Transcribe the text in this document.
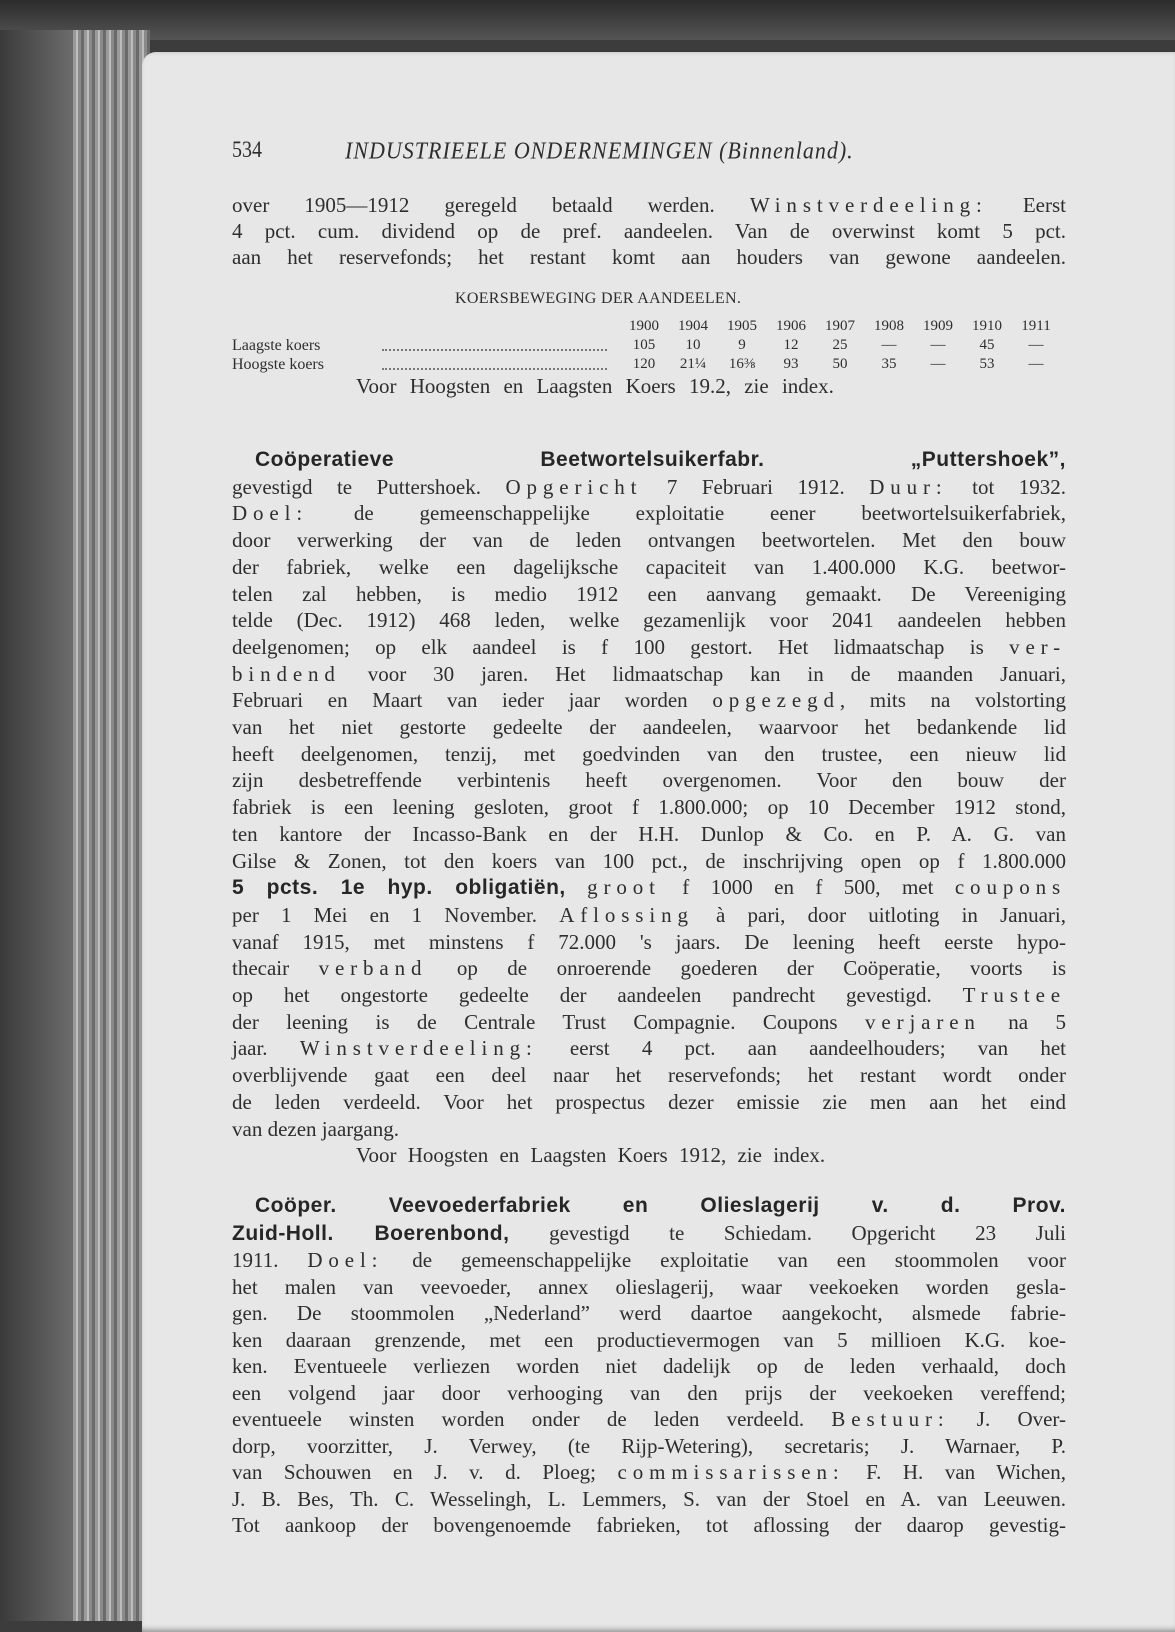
534	INDUSTRIEELE ONDERNEMINGEN (Binnenland).
over 1905—1912 geregeld betaald werden. Winstverdeeling: Eerst
4 pct. cum. dividend op de pref. aandeelen. Van de overwinst komt 5 pct.
aan het reservefonds; het restant komt aan houders van gewone aandeelen.
KOERSBEWEGING DER AANDEELEN.
1900	1904	1905	1906	1907	1908	1909	1910	1911
Laagste koers	105	10	9	12	25	—	—	45	—
Hoogste koers	120	21¼	16⅜	93	50	35	—	53	—
Voor Hoogsten en Laagsten Koers 19.2, zie index.
Coöperatieve Beetwortelsuikerfabr. „Puttershoek”,
gevestigd te Puttershoek. Opgericht 7 Februari 1912. Duur: tot 1932.
Doel: de gemeenschappelijke exploitatie eener beetwortelsuikerfabriek,
door verwerking der van de leden ontvangen beetwortelen. Met den bouw
der fabriek, welke een dagelijksche capaciteit van 1.400.000 K.G. beetwor-
telen zal hebben, is medio 1912 een aanvang gemaakt. De Vereeniging
telde (Dec. 1912) 468 leden, welke gezamenlijk voor 2041 aandeelen hebben
deelgenomen; op elk aandeel is f 100 gestort. Het lidmaatschap is ver-
bindend voor 30 jaren. Het lidmaatschap kan in de maanden Januari,
Februari en Maart van ieder jaar worden opgezegd, mits na volstorting
van het niet gestorte gedeelte der aandeelen, waarvoor het bedankende lid
heeft deelgenomen, tenzij, met goedvinden van den trustee, een nieuw lid
zijn desbetreffende verbintenis heeft overgenomen. Voor den bouw der
fabriek is een leening gesloten, groot f 1.800.000; op 10 December 1912 stond,
ten kantore der Incasso-Bank en der H.H. Dunlop & Co. en P. A. G. van
Gilse & Zonen, tot den koers van 100 pct., de inschrijving open op f 1.800.000
5 pcts. 1e hyp. obligatiën, groot f 1000 en f 500, met coupons
per 1 Mei en 1 November. Aflossing à pari, door uitloting in Januari,
vanaf 1915, met minstens f 72.000 's jaars. De leening heeft eerste hypo-
thecair verband op de onroerende goederen der Coöperatie, voorts is
op het ongestorte gedeelte der aandeelen pandrecht gevestigd. Trustee
der leening is de Centrale Trust Compagnie. Coupons verjaren na 5
jaar. Winstverdeeling: eerst 4 pct. aan aandeelhouders; van het
overblijvende gaat een deel naar het reservefonds; het restant wordt onder
de leden verdeeld. Voor het prospectus dezer emissie zie men aan het eind
van dezen jaargang.
Voor Hoogsten en Laagsten Koers 1912, zie index.
Coöper. Veevoederfabriek en Olieslagerij v. d. Prov.
Zuid-Holl. Boerenbond, gevestigd te Schiedam. Opgericht 23 Juli
1911. Doel: de gemeenschappelijke exploitatie van een stoommolen voor
het malen van veevoeder, annex olieslagerij, waar veekoeken worden gesla-
gen. De stoommolen „Nederland” werd daartoe aangekocht, alsmede fabrie-
ken daaraan grenzende, met een productievermogen van 5 millioen K.G. koe-
ken. Eventueele verliezen worden niet dadelijk op de leden verhaald, doch
een volgend jaar door verhooging van den prijs der veekoeken vereffend;
eventueele winsten worden onder de leden verdeeld. Bestuur: J. Over-
dorp, voorzitter, J. Verwey, (te Rijp-Wetering), secretaris; J. Warnaer, P.
van Schouwen en J. v. d. Ploeg; commissarissen: F. H. van Wichen,
J. B. Bes, Th. C. Wesselingh, L. Lemmers, S. van der Stoel en A. van Leeuwen.
Tot aankoop der bovengenoemde fabrieken, tot aflossing der daarop gevestig-
